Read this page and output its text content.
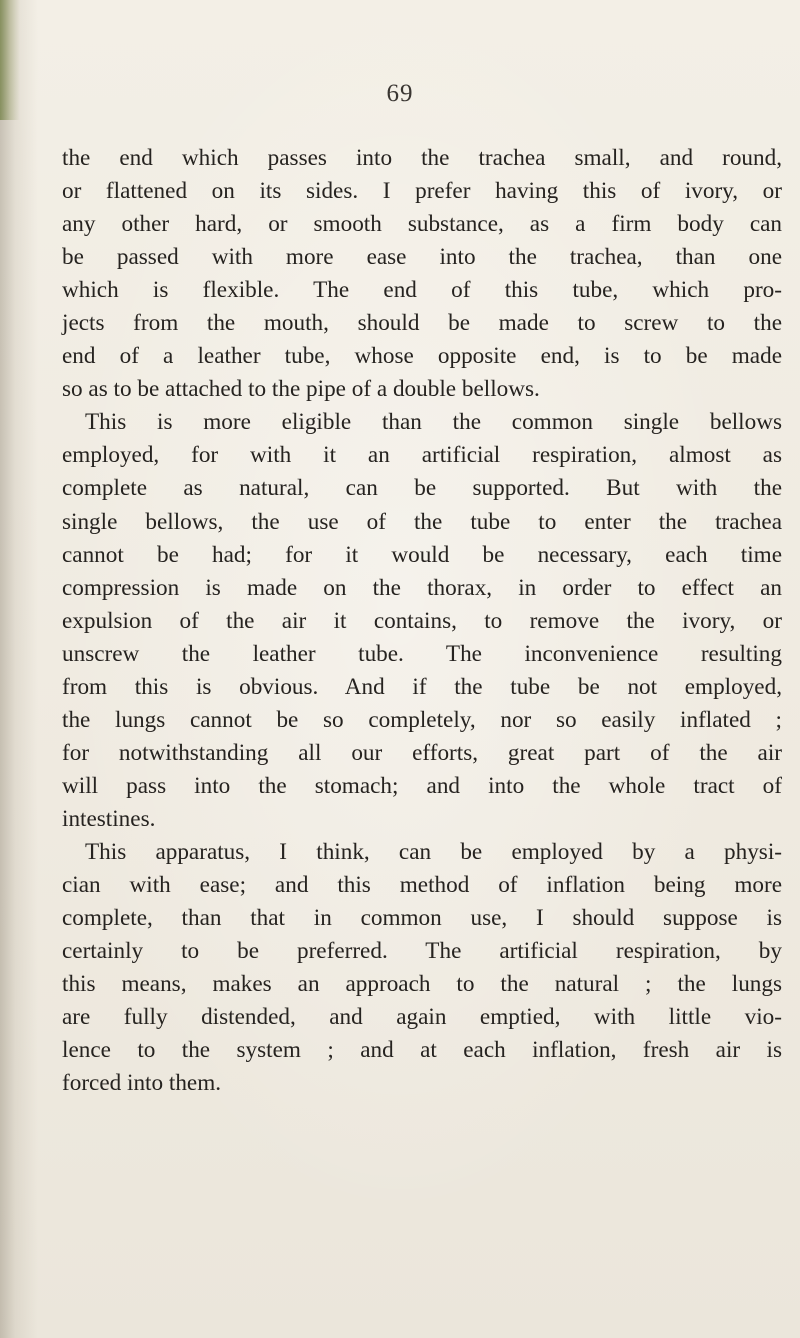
69
the end which passes into the trachea small, and round,
or flattened on its sides. I prefer having this of ivory, or
any other hard, or smooth substance, as a firm body can
be passed with more ease into the trachea, than one
which is flexible. The end of this tube, which pro-
jects from the mouth, should be made to screw to the
end of a leather tube, whose opposite end, is to be made
so as to be attached to the pipe of a double bellows.
This is more eligible than the common single bellows
employed, for with it an artificial respiration, almost as
complete as natural, can be supported. But with the
single bellows, the use of the tube to enter the trachea
cannot be had; for it would be necessary, each time
compression is made on the thorax, in order to effect an
expulsion of the air it contains, to remove the ivory, or
unscrew the leather tube. The inconvenience resulting
from this is obvious. And if the tube be not employed,
the lungs cannot be so completely, nor so easily inflated ;
for notwithstanding all our efforts, great part of the air
will pass into the stomach; and into the whole tract of
intestines.
This apparatus, I think, can be employed by a physi-
cian with ease; and this method of inflation being more
complete, than that in common use, I should suppose is
certainly to be preferred. The artificial respiration, by
this means, makes an approach to the natural ; the lungs
are fully distended, and again emptied, with little vio-
lence to the system ; and at each inflation, fresh air is
forced into them.
